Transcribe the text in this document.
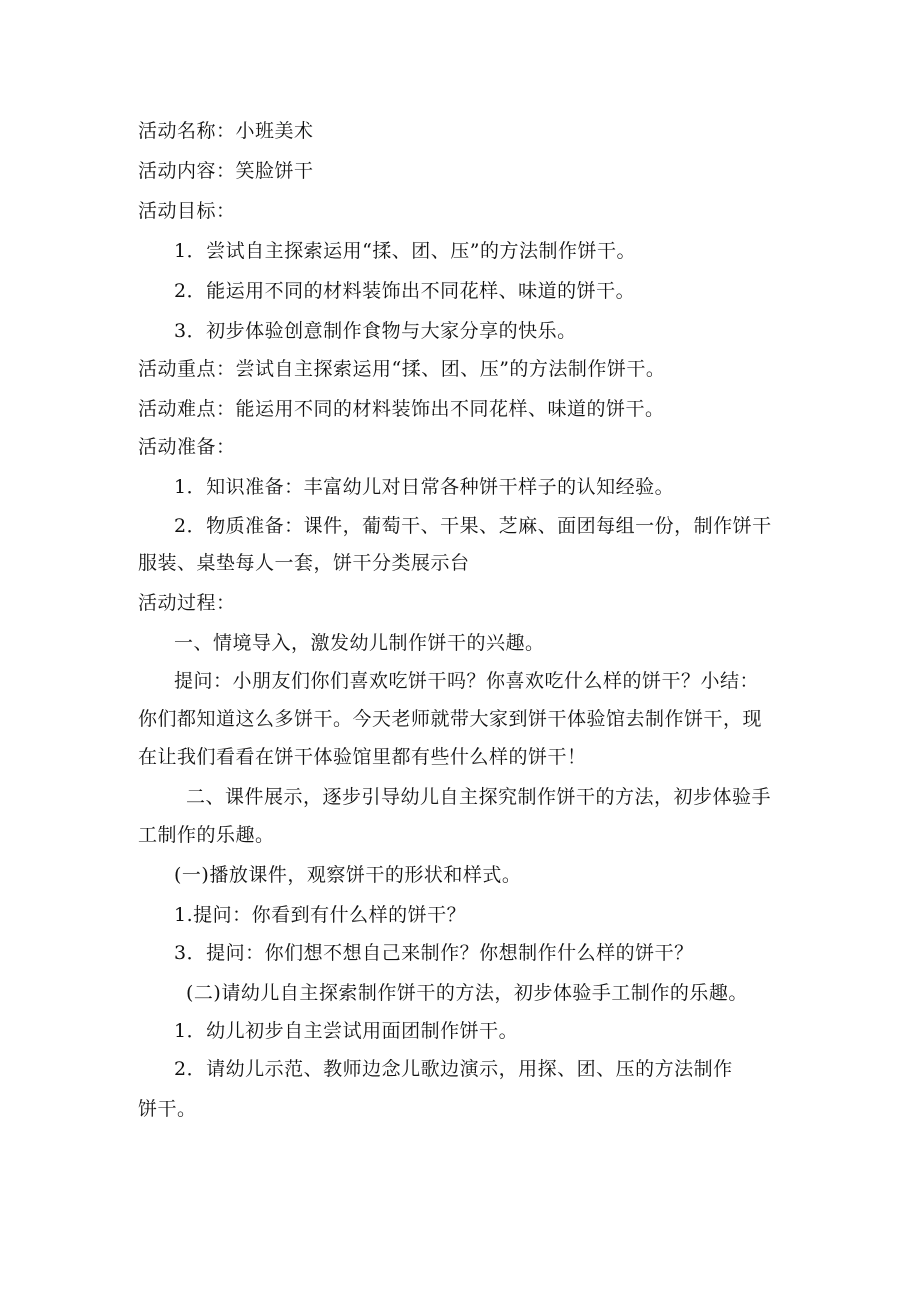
活动名称：小班美术
活动内容：笑脸饼干
活动目标：
1．尝试自主探索运用“揉、团、压”的方法制作饼干。
2．能运用不同的材料装饰出不同花样、味道的饼干。
3．初步体验创意制作食物与大家分享的快乐。
活动重点：尝试自主探索运用“揉、团、压”的方法制作饼干。
活动难点：能运用不同的材料装饰出不同花样、味道的饼干。
活动准备：
1．知识准备：丰富幼儿对日常各种饼干样子的认知经验。
2．物质准备：课件，葡萄干、干果、芝麻、面团每组一份，制作饼干
服装、桌垫每人一套，饼干分类展示台
活动过程：
一、情境导入，激发幼儿制作饼干的兴趣。
提问：小朋友们你们喜欢吃饼干吗？你喜欢吃什么样的饼干？小结：
你们都知道这么多饼干。今天老师就带大家到饼干体验馆去制作饼干，现
在让我们看看在饼干体验馆里都有些什么样的饼干！
二、课件展示，逐步引导幼儿自主探究制作饼干的方法，初步体验手
工制作的乐趣。
(一)播放课件，观察饼干的形状和样式。
1.提问：你看到有什么样的饼干？
3．提问：你们想不想自己来制作？你想制作什么样的饼干？
(二)请幼儿自主探索制作饼干的方法，初步体验手工制作的乐趣。
1．幼儿初步自主尝试用面团制作饼干。
2．请幼儿示范、教师边念儿歌边演示，用探、团、压的方法制作
饼干。
